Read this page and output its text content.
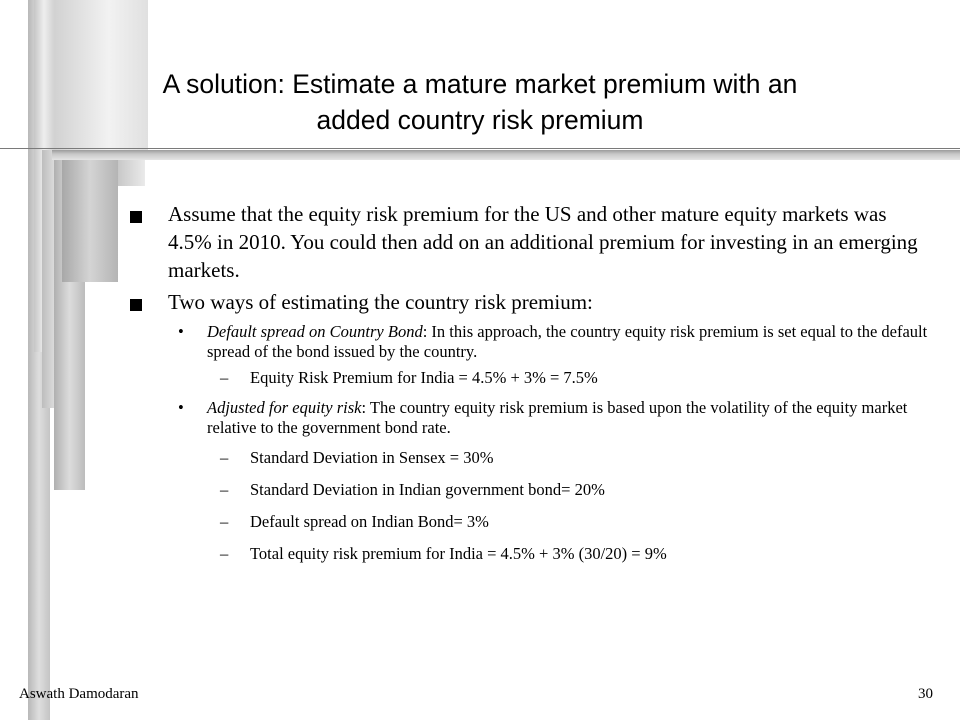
A solution: Estimate a mature market premium with an
added country risk premium
Assume that the equity risk premium for the US and other mature equity markets was 4.5% in 2010. You could then add on an additional premium for investing in an emerging markets.
Two ways of estimating the country risk premium:
• Default spread on Country Bond: In this approach, the country equity risk premium is set equal to the default spread of the bond issued by the country.
– Equity Risk Premium for India = 4.5% + 3% = 7.5%
• Adjusted for equity risk: The country equity risk premium is based upon the volatility of the equity market relative to the government bond rate.
– Standard Deviation in Sensex = 30%
– Standard Deviation in Indian government bond= 20%
– Default spread on Indian Bond= 3%
– Total equity risk premium for India = 4.5% + 3% (30/20) = 9%
Aswath Damodaran	30
